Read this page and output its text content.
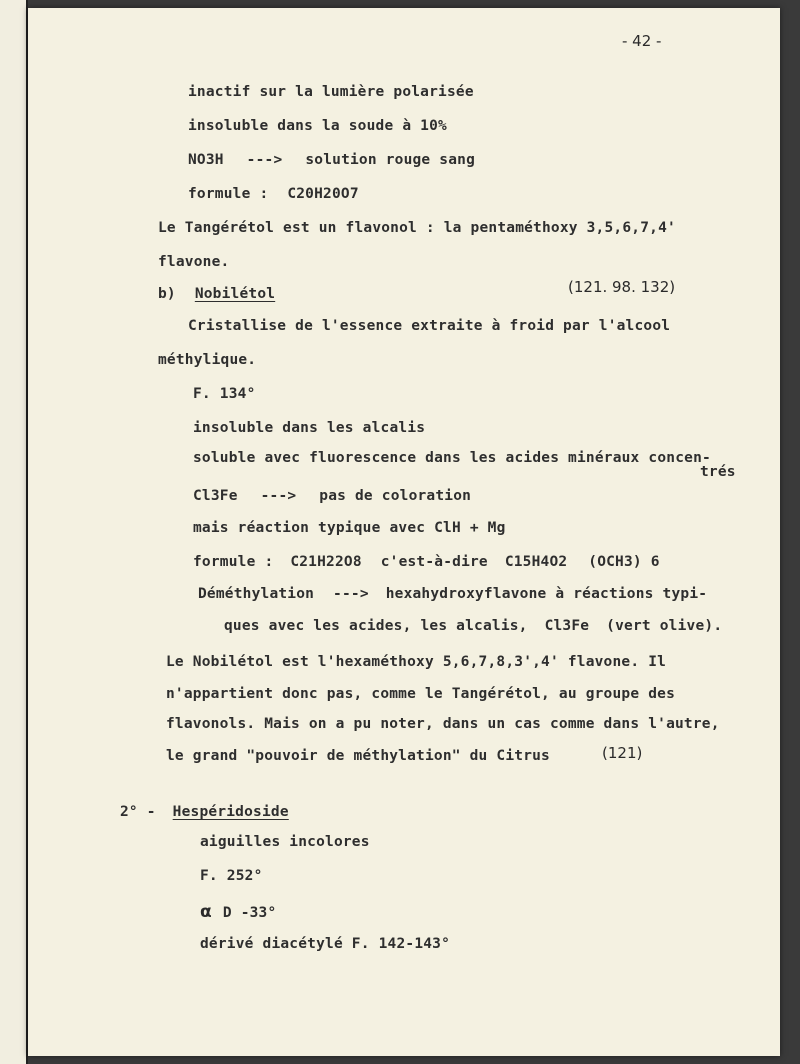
- 42 -
inactif sur la lumière polarisée
insoluble dans la soude à 10%
NO3H ---> solution rouge sang
formule : C20H20O7
Le Tangérétol est un flavonol : la pentaméthoxy 3,5,6,7,4'
flavone.
b) Nobilétol	(121. 98. 132)
Cristallise de l'essence extraite à froid par l'alcool
méthylique.
F. 134°
insoluble dans les alcalis
soluble avec fluorescence dans les acides minéraux concen-
trés
Cl3Fe ---> pas de coloration
mais réaction typique avec ClH + Mg
formule : C21H22O8 c'est-à-dire C15H4O2 (OCH3) 6
Déméthylation ---> hexahydroxyflavone à réactions typi-
ques avec les acides, les alcalis, Cl3Fe (vert olive).
Le Nobilétol est l'hexaméthoxy 5,6,7,8,3',4' flavone. Il
n'appartient donc pas, comme le Tangérétol, au groupe des
flavonols. Mais on a pu noter, dans un cas comme dans l'autre,
le grand "pouvoir de méthylation" du Citrus	(121)
2° - Hespéridoside
aiguilles incolores
F. 252°
α D -33°
dérivé diacétylé F. 142-143°
